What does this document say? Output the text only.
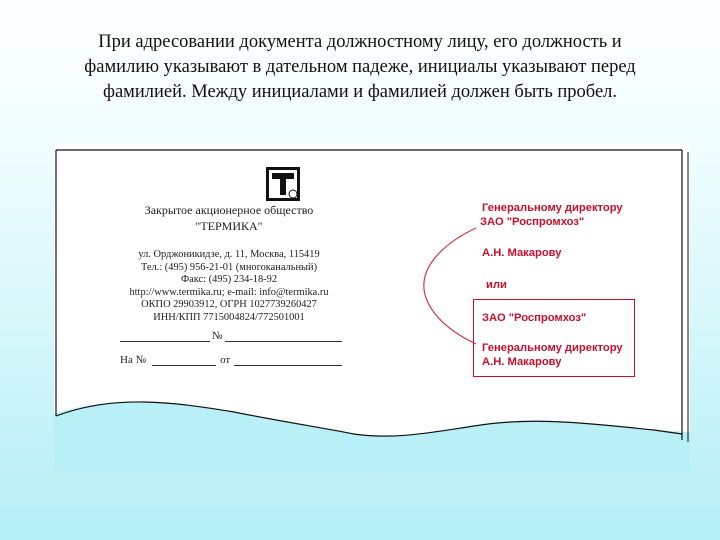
При адресовании документа должностному лицу, его должность и
фамилию указывают в дательном падеже, инициалы указывают перед
фамилией. Между инициалами и фамилией должен быть пробел.
Закрытое акционерное общество
"ТЕРМИКА"
ул. Орджоникидзе, д. 11, Москва, 115419
Тел.: (495) 956-21-01 (многоканальный)
Факс: (495) 234-18-92
http://www.termika.ru; e-mail: info@termika.ru
ОКПО 29903912, ОГРН 1027739260427
ИНН/КПП 7715004824/772501001
№
На №	от
Генеральному директору
ЗАО "Роспромхоз"
А.Н. Макарову
или
ЗАО "Роспромхоз"
Генеральному директору
А.Н. Макарову
